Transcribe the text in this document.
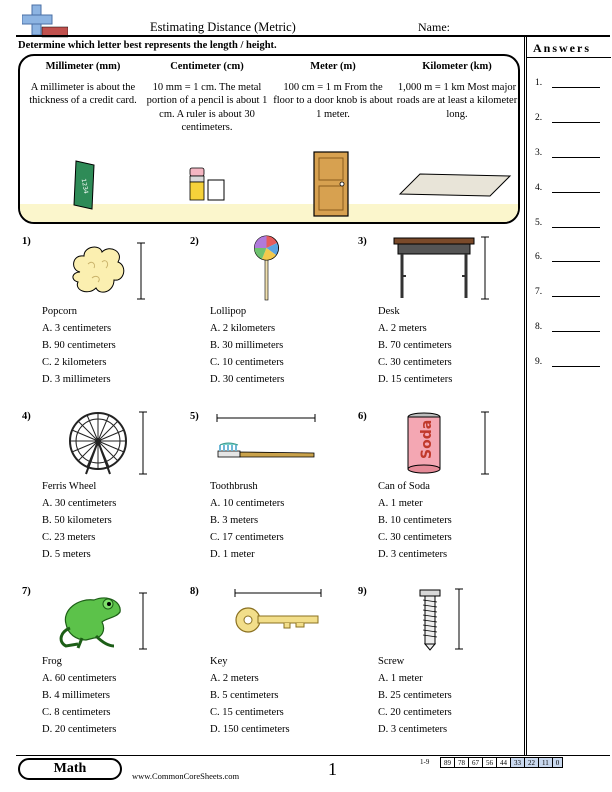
Estimating Distance (Metric)	Name:
Determine which letter best represents the length / height.
Millimeter (mm)
A millimeter is about the thickness of a credit card.
Centimeter (cm)
10 mm = 1 cm. The metal portion of a pencil is about 1 cm. A ruler is about 30 centimeters.
Meter (m)
100 cm = 1 m From the floor to a door knob is about 1 meter.
Kilometer (km)
1,000 m = 1 km Most major roads are at least a kilometer long.
1234
1)
Popcorn
A. 3 centimeters
B. 90 centimeters
C. 2 kilometers
D. 3 millimeters
2)
Lollipop
A. 2 kilometers
B. 30 millimeters
C. 10 centimeters
D. 30 centimeters
3)
Desk
A. 2 meters
B. 70 centimeters
C. 30 centimeters
D. 15 centimeters
4)
Ferris Wheel
A. 30 centimeters
B. 50 kilometers
C. 23 meters
D. 5 meters
5)
Toothbrush
A. 10 centimeters
B. 3 meters
C. 17 centimeters
D. 1 meter
6)
Soda
Can of Soda
A. 1 meter
B. 10 centimeters
C. 30 centimeters
D. 3 centimeters
7)
Frog
A. 60 centimeters
B. 4 millimeters
C. 8 centimeters
D. 20 centimeters
8)
Key
A. 2 meters
B. 5 centimeters
C. 15 centimeters
D. 150 centimeters
9)
Screw
A. 1 meter
B. 25 centimeters
C. 20 centimeters
D. 3 centimeters
Answers
1.
2.
3.
4.
5.
6.
7.
8.
9.
Math	www.CommonCoreSheets.com	1	1-9	89	78	67	56	44	33	22	11	0
